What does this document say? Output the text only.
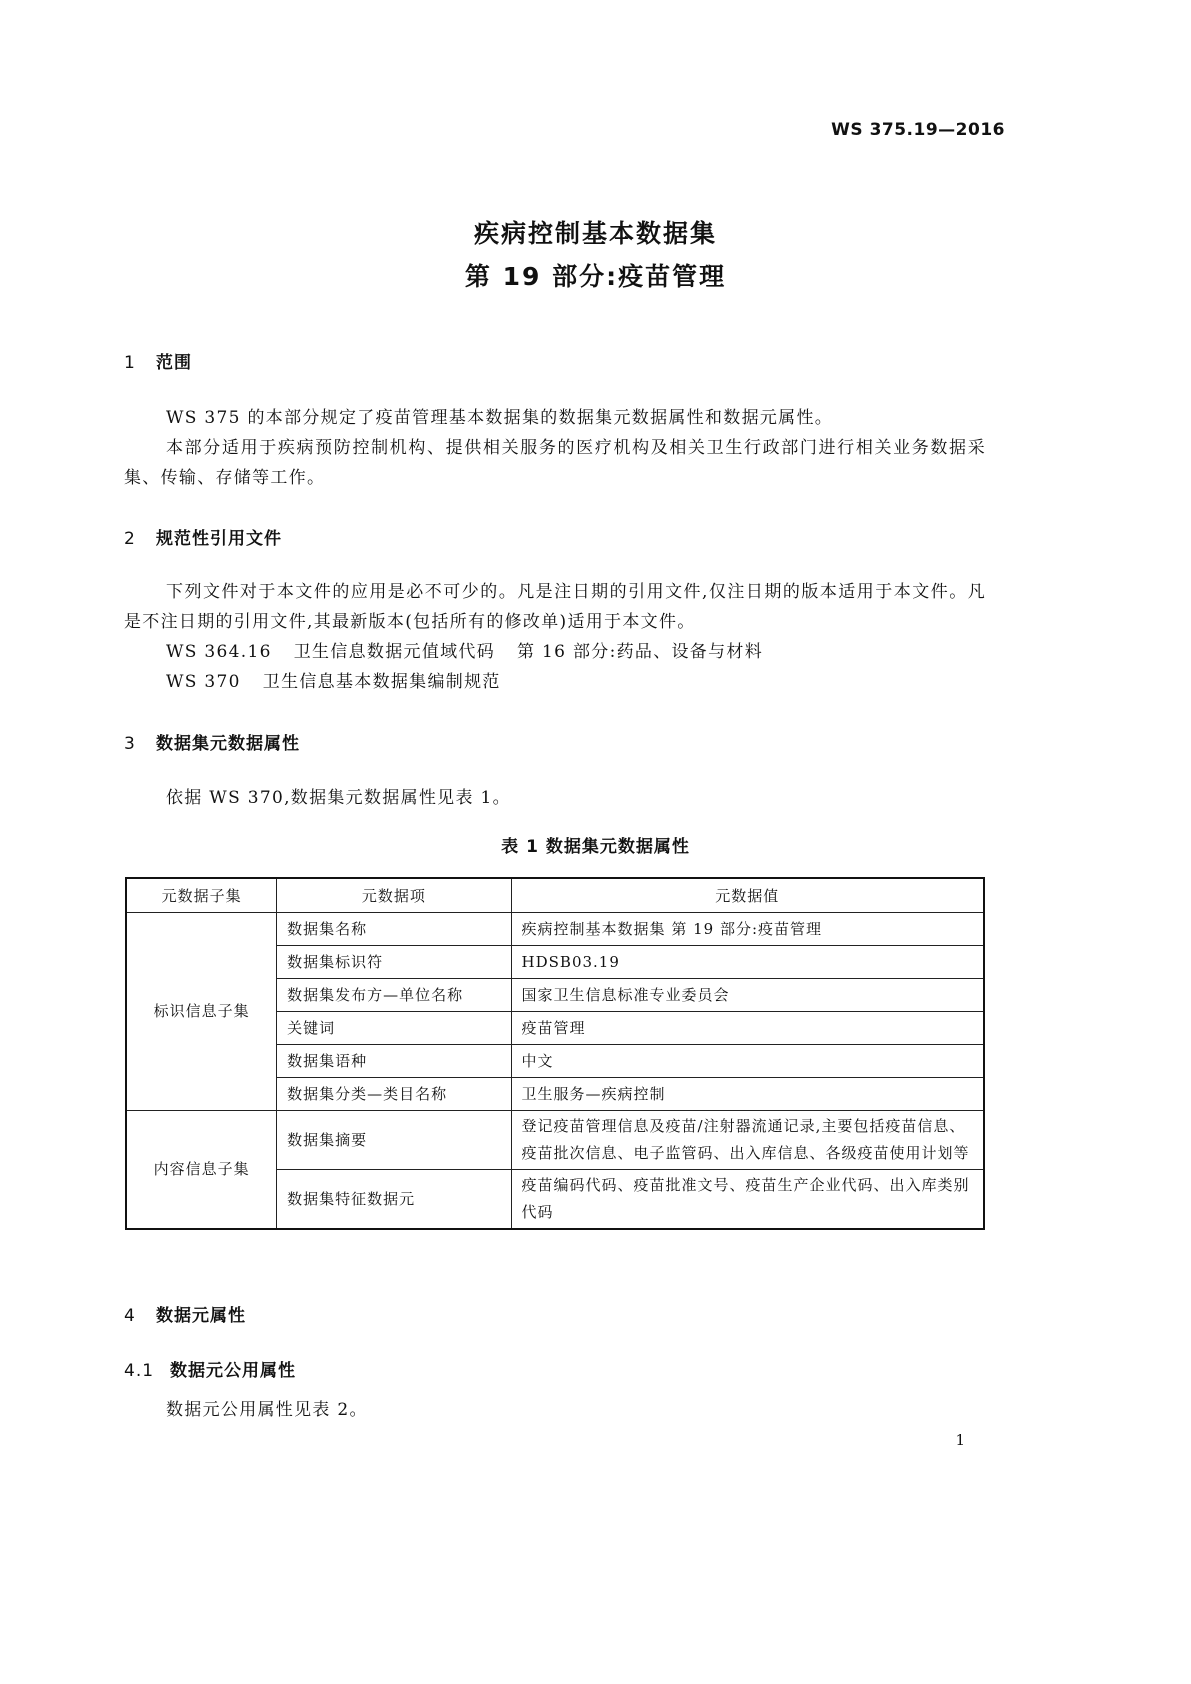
WS 375.19—2016
疾病控制基本数据集
第 19 部分:疫苗管理
1 范围

WS 375 的本部分规定了疫苗管理基本数据集的数据集元数据属性和数据元属性。

本部分适用于疾病预防控制机构、提供相关服务的医疗机构及相关卫生行政部门进行相关业务数据采集、传输、存储等工作。

2 规范性引用文件

下列文件对于本文件的应用是必不可少的。凡是注日期的引用文件,仅注日期的版本适用于本文件。凡是不注日期的引用文件,其最新版本(包括所有的修改单)适用于本文件。

WS 364.16 卫生信息数据元值域代码 第 16 部分:药品、设备与材料

WS 370 卫生信息基本数据集编制规范

3 数据集元数据属性

依据 WS 370,数据集元数据属性见表 1。

表 1 数据集元数据属性
元数据子集	元数据项	元数据值
标识信息子集	数据集名称	疾病控制基本数据集 第 19 部分:疫苗管理
	数据集标识符	HDSB03.19
	数据集发布方—单位名称	国家卫生信息标准专业委员会
	关键词	疫苗管理
	数据集语种	中文
	数据集分类—类目名称	卫生服务—疾病控制
内容信息子集	数据集摘要	登记疫苗管理信息及疫苗/注射器流通记录,主要包括疫苗信息、疫苗批次信息、电子监管码、出入库信息、各级疫苗使用计划等
	数据集特征数据元	疫苗编码代码、疫苗批准文号、疫苗生产企业代码、出入库类别代码
4 数据元属性
4.1 数据元公用属性

数据元公用属性见表 2。

1
